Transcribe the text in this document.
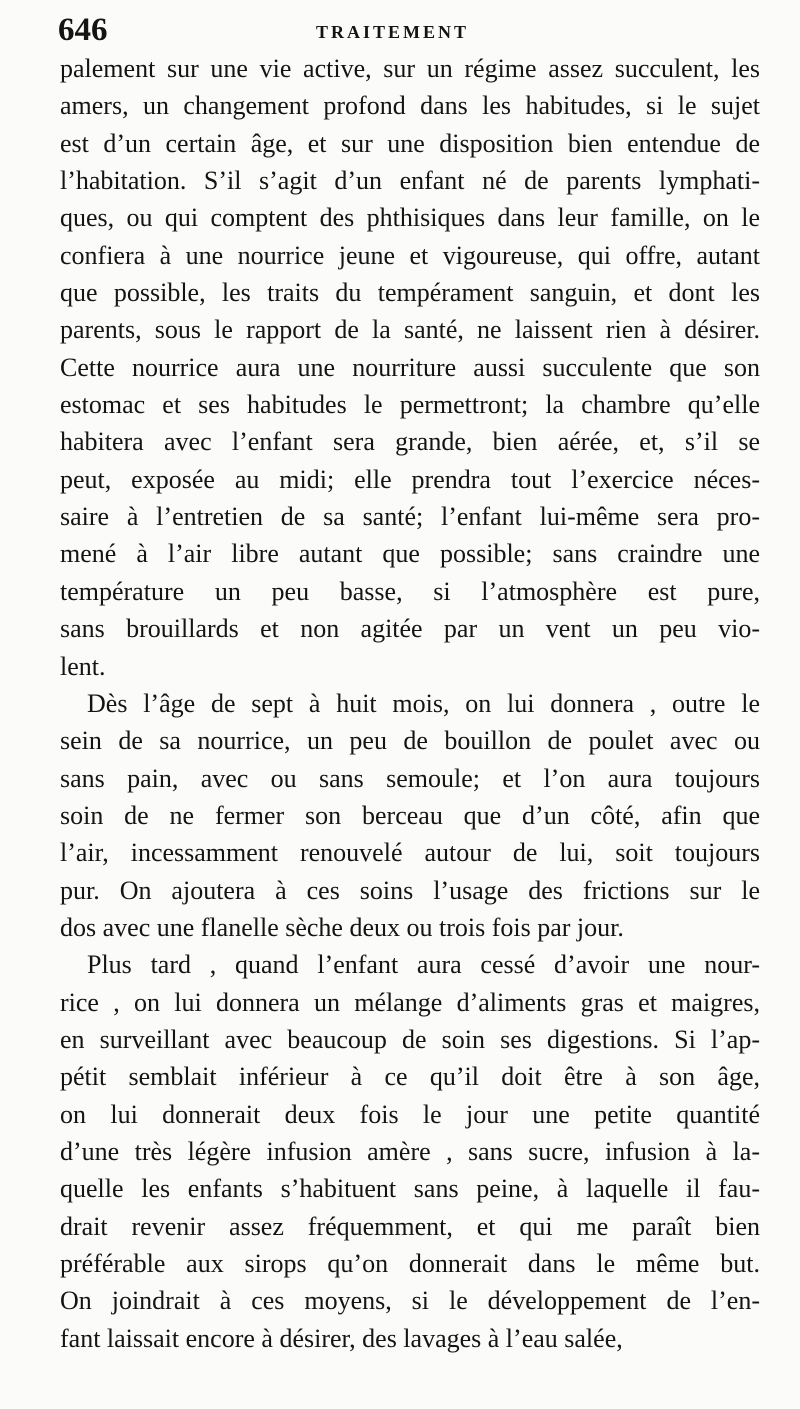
646	TRAITEMENT
palement sur une vie active, sur un régime assez succulent, les
amers, un changement profond dans les habitudes, si le sujet
est d’un certain âge, et sur une disposition bien entendue de
l’habitation. S’il s’agit d’un enfant né de parents lymphati-
ques, ou qui comptent des phthisiques dans leur famille, on le
confiera à une nourrice jeune et vigoureuse, qui offre, autant
que possible, les traits du tempérament sanguin, et dont les
parents, sous le rapport de la santé, ne laissent rien à désirer.
Cette nourrice aura une nourriture aussi succulente que son
estomac et ses habitudes le permettront; la chambre qu’elle
habitera avec l’enfant sera grande, bien aérée, et, s’il se
peut, exposée au midi; elle prendra tout l’exercice néces-
saire à l’entretien de sa santé; l’enfant lui-même sera pro-
mené à l’air libre autant que possible; sans craindre une
température un peu basse, si l’atmosphère est pure,
sans brouillards et non agitée par un vent un peu vio-
lent.
Dès l’âge de sept à huit mois, on lui donnera , outre le
sein de sa nourrice, un peu de bouillon de poulet avec ou
sans pain, avec ou sans semoule; et l’on aura toujours
soin de ne fermer son berceau que d’un côté, afin que
l’air, incessamment renouvelé autour de lui, soit toujours
pur. On ajoutera à ces soins l’usage des frictions sur le
dos avec une flanelle sèche deux ou trois fois par jour.
Plus tard , quand l’enfant aura cessé d’avoir une nour-
rice , on lui donnera un mélange d’aliments gras et maigres,
en surveillant avec beaucoup de soin ses digestions. Si l’ap-
pétit semblait inférieur à ce qu’il doit être à son âge,
on lui donnerait deux fois le jour une petite quantité
d’une très légère infusion amère , sans sucre, infusion à la-
quelle les enfants s’habituent sans peine, à laquelle il fau-
drait revenir assez fréquemment, et qui me paraît bien
préférable aux sirops qu’on donnerait dans le même but.
On joindrait à ces moyens, si le développement de l’en-
fant laissait encore à désirer, des lavages à l’eau salée,
